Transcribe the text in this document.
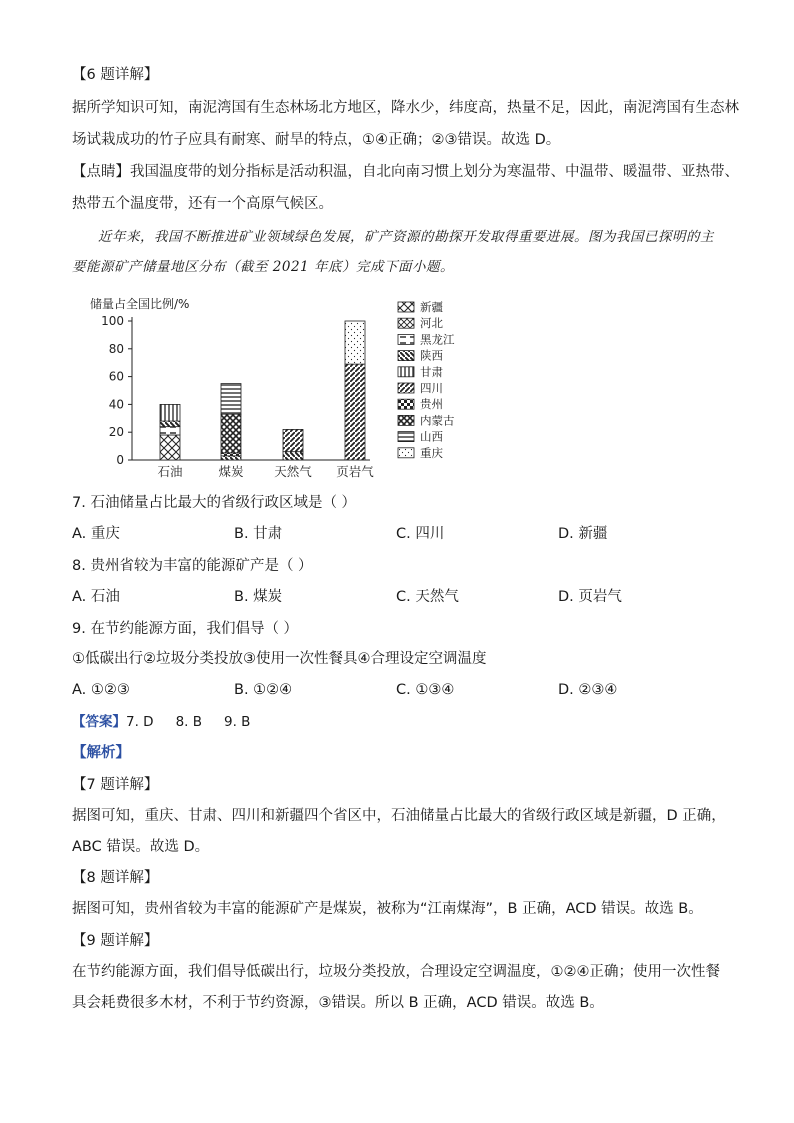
【6 题详解】
据所学知识可知，南泥湾国有生态林场北方地区，降水少，纬度高，热量不足，因此，南泥湾国有生态林
场试栽成功的竹子应具有耐寒、耐旱的特点，①④正确；②③错误。故选 D。
【点睛】我国温度带的划分指标是活动积温，自北向南习惯上划分为寒温带、中温带、暖温带、亚热带、
热带五个温度带，还有一个高原气候区。
近年来，我国不断推进矿业领域绿色发展，矿产资源的勘探开发取得重要进展。图为我国已探明的主
要能源矿产储量地区分布（截至 2021 年底）完成下面小题。
储量占全国比例/%
0
20
40
60
80
100
石油	煤炭 天然气 页岩气
新疆
河北
黑龙江
陕西
甘肃
四川
贵州
内蒙古
山西
重庆
7. 石油储量占比最大的省级行政区域是（ ）
A. 重庆	B. 甘肃	C. 四川	D. 新疆
8. 贵州省较为丰富的能源矿产是（ ）
A. 石油	B. 煤炭	C. 天然气	D. 页岩气
9. 在节约能源方面，我们倡导（ ）
①低碳出行②垃圾分类投放③使用一次性餐具④合理设定空调温度
A. ①②③	B. ①②④	C. ①③④	D. ②③④
【答案】7. D 8. B 9. B
【解析】
【7 题详解】
据图可知，重庆、甘肃、四川和新疆四个省区中，石油储量占比最大的省级行政区域是新疆，D 正确，
ABC 错误。故选 D。
【8 题详解】
据图可知，贵州省较为丰富的能源矿产是煤炭，被称为“江南煤海”，B 正确，ACD 错误。故选 B。
【9 题详解】
在节约能源方面，我们倡导低碳出行，垃圾分类投放，合理设定空调温度，①②④正确；使用一次性餐
具会耗费很多木材，不利于节约资源，③错误。所以 B 正确，ACD 错误。故选 B。
